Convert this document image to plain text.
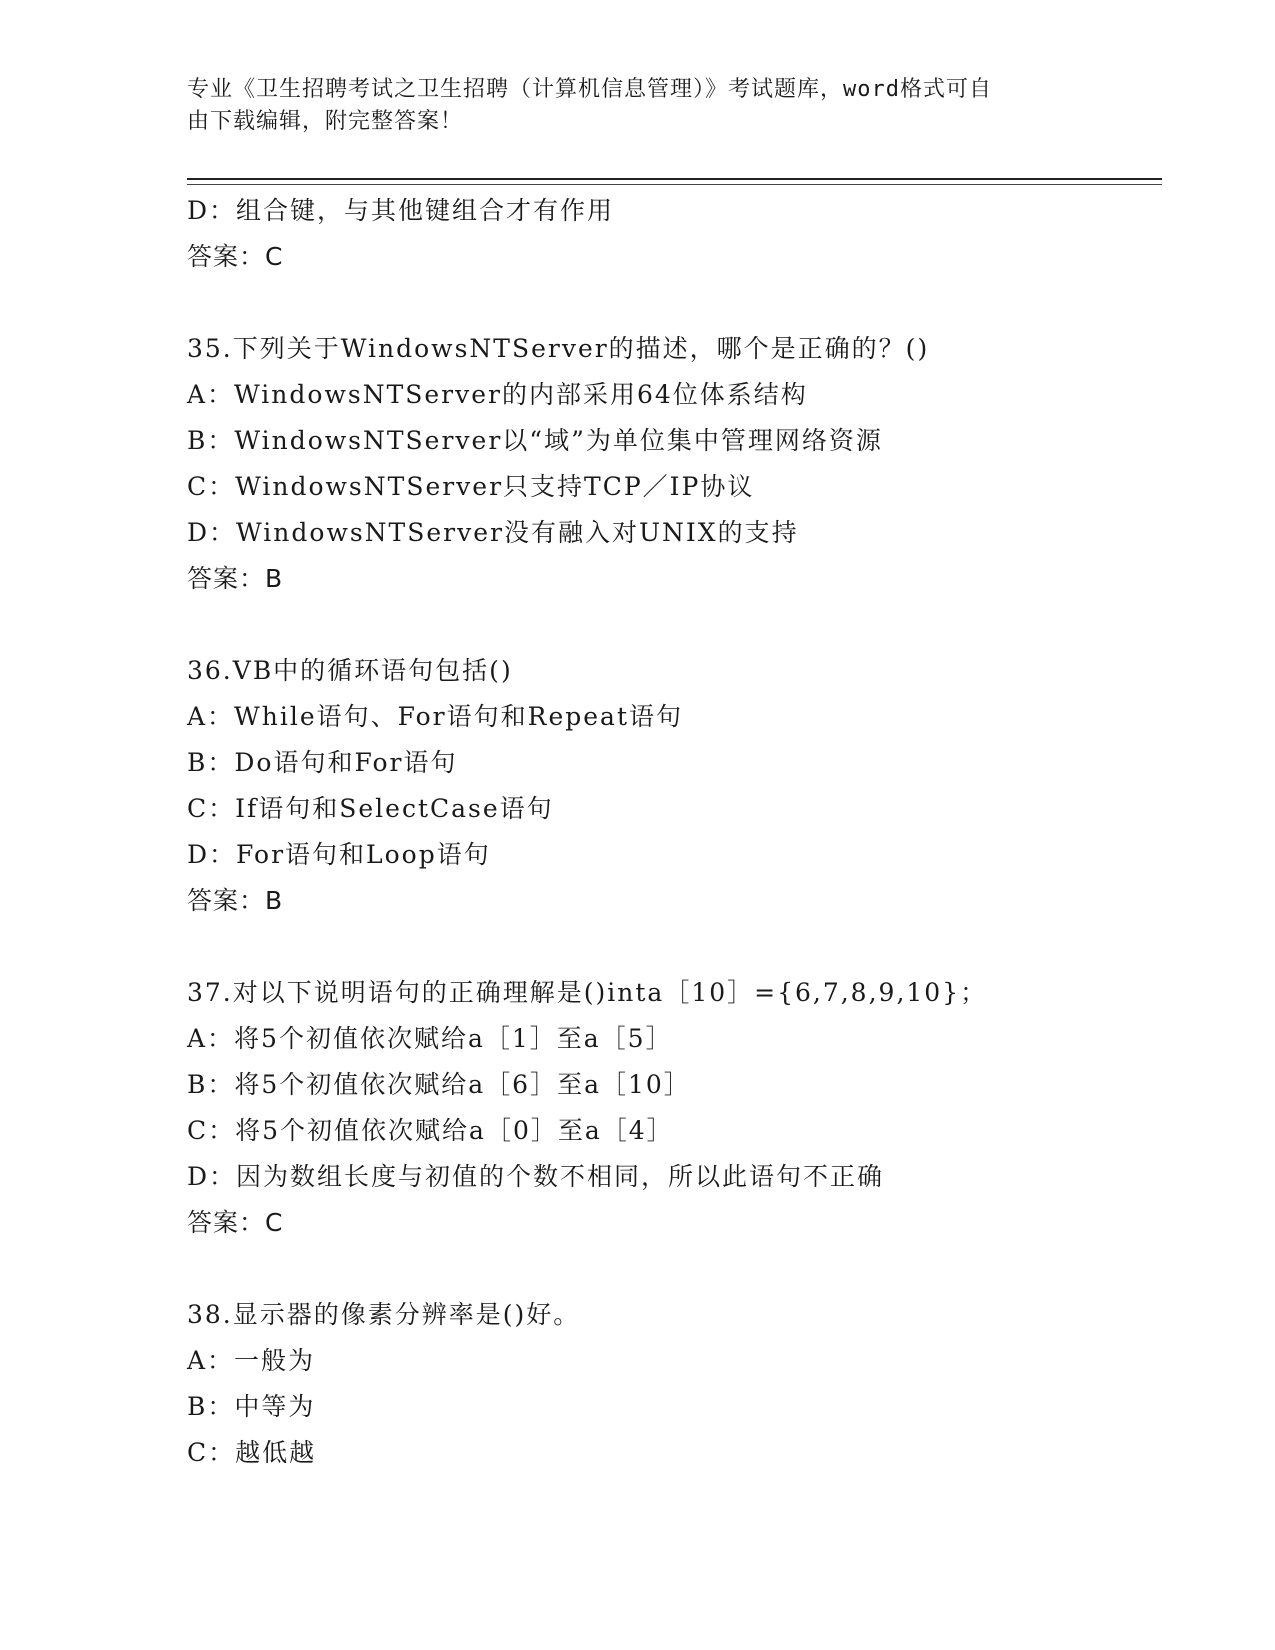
专业《卫生招聘考试之卫生招聘（计算机信息管理）》考试题库，word格式可自
由下载编辑，附完整答案！
D：组合键，与其他键组合才有作用
答案：C
35.下列关于WindowsNTServer的描述，哪个是正确的？()
A：WindowsNTServer的内部采用64位体系结构
B：WindowsNTServer以“域”为单位集中管理网络资源
C：WindowsNTServer只支持TCP／IP协议
D：WindowsNTServer没有融入对UNIX的支持
答案：B
36.VB中的循环语句包括()
A：While语句、For语句和Repeat语句
B：Do语句和For语句
C：If语句和SelectCase语句
D：For语句和Loop语句
答案：B
37.对以下说明语句的正确理解是()inta［10］={6,7,8,9,10}；
A：将5个初值依次赋给a［1］至a［5］
B：将5个初值依次赋给a［6］至a［10］
C：将5个初值依次赋给a［0］至a［4］
D：因为数组长度与初值的个数不相同，所以此语句不正确
答案：C
38.显示器的像素分辨率是()好。
A：一般为
B：中等为
C：越低越
